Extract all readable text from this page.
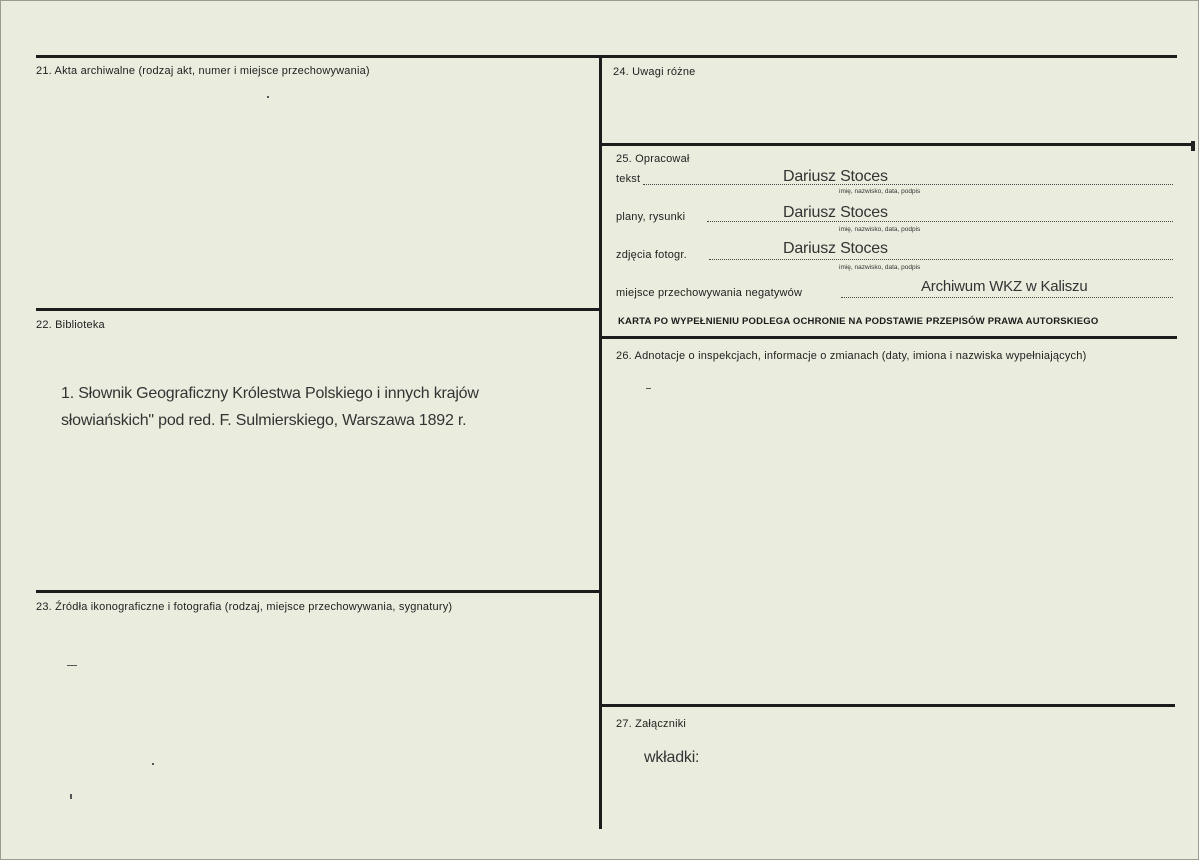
21. Akta archiwalne (rodzaj akt, numer i miejsce przechowywania)
22. Biblioteka
1. Słownik Geograficzny Królestwa Polskiego i innych krajów
słowiańskich" pod red. F. Sulmierskiego, Warszawa 1892 r.
23. Źródła ikonograficzne i fotografia (rodzaj, miejsce przechowywania, sygnatury)
24. Uwagi różne
25. Opracował
tekst	Dariusz Stoces
imię, nazwisko, data, podpis
plany, rysunki	Dariusz Stoces
imię, nazwisko, data, podpis
zdjęcia fotogr.	Dariusz Stoces
imię, nazwisko, data, podpis
miejsce przechowywania negatywów	Archiwum WKZ w Kaliszu
KARTA PO WYPEŁNIENIU PODLEGA OCHRONIE NA PODSTAWIE PRZEPISÓW PRAWA AUTORSKIEGO
26. Adnotacje o inspekcjach, informacje o zmianach (daty, imiona i nazwiska wypełniających)
27. Załączniki
wkładki:
